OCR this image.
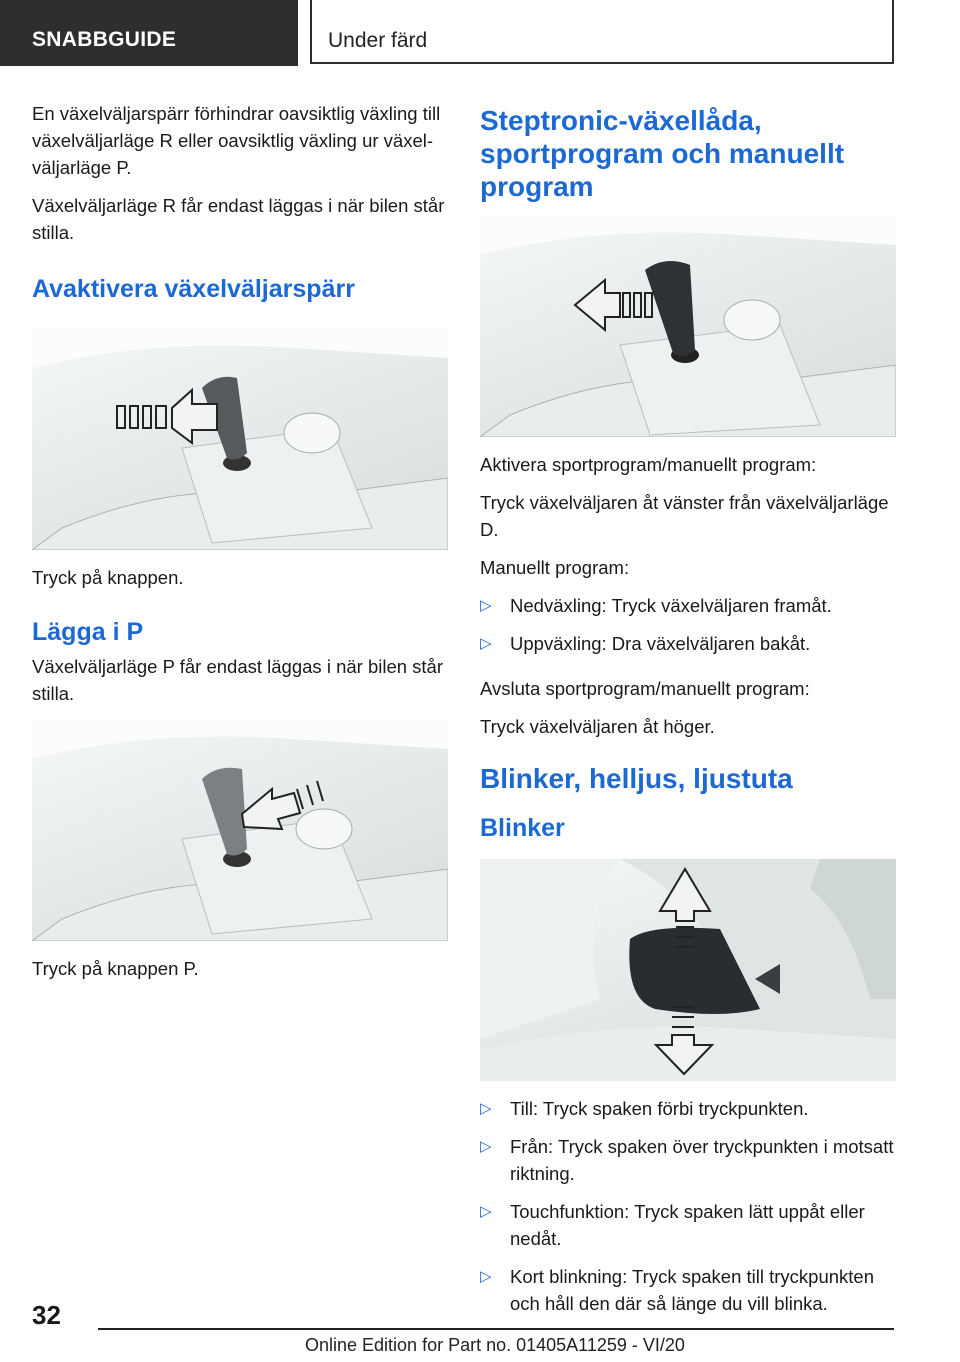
SNABBGUIDE	Under färd

En växelväljarspärr förhindrar oavsiktlig växling till växelväljarläge R eller oavsiktlig växling ur växelväljarläge P.

Växelväljarläge R får endast läggas i när bilen står stilla.

Avaktivera växelväljarspärr

Tryck på knappen.

Lägga i P

Växelväljarläge P får endast läggas i när bilen står stilla.

Tryck på knappen P.

Steptronic-växellåda, sportprogram och manuellt program

Aktivera sportprogram/manuellt program:

Tryck växelväljaren åt vänster från växelväljarläge D.

Manuellt program:

▷ Nedväxling: Tryck växelväljaren framåt.
▷ Uppväxling: Dra växelväljaren bakåt.

Avsluta sportprogram/manuellt program:

Tryck växelväljaren åt höger.

Blinker, helljus, ljustuta
Blinker
▷ Till: Tryck spaken förbi tryckpunkten.
▷ Från: Tryck spaken över tryckpunkten i motsatt riktning.
▷ Touchfunktion: Tryck spaken lätt uppåt eller nedåt.
▷ Kort blinkning: Tryck spaken till tryckpunkten och håll den där så länge du vill blinka.
32
Online Edition for Part no. 01405A11259 - VI/20
